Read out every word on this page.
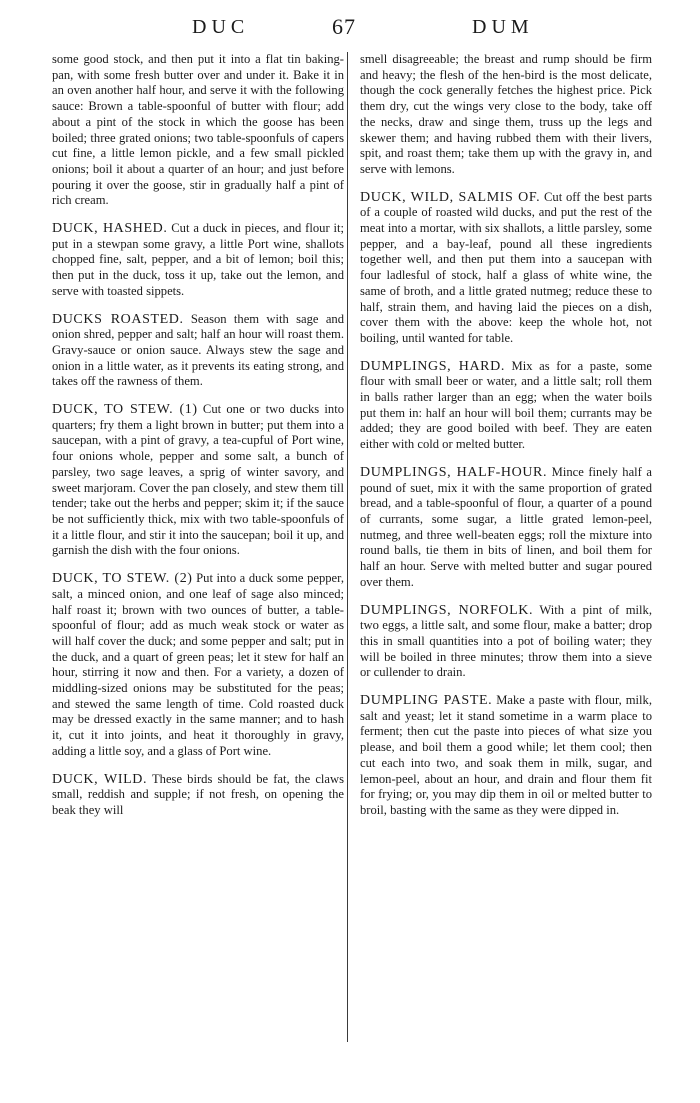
DUC	67	DUM

some good stock, and then put it into a flat tin baking-pan, with some fresh butter over and under it. Bake it in an oven another half hour, and serve it with the following sauce: Brown a table-spoonful of butter with flour; add about a pint of the stock in which the goose has been boiled; three grated onions; two table-spoonfuls of capers cut fine, a little lemon pickle, and a few small pickled onions; boil it about a quarter of an hour; and just before pouring it over the goose, stir in gradually half a pint of rich cream.

DUCK, HASHED. Cut a duck in pieces, and flour it; put in a stewpan some gravy, a little Port wine, shallots chopped fine, salt, pepper, and a bit of lemon; boil this; then put in the duck, toss it up, take out the lemon, and serve with toasted sippets.

DUCKS ROASTED. Season them with sage and onion shred, pepper and salt; half an hour will roast them. Gravy-sauce or onion sauce. Always stew the sage and onion in a little water, as it prevents its eating strong, and takes off the rawness of them.

DUCK, TO STEW. (1) Cut one or two ducks into quarters; fry them a light brown in butter; put them into a saucepan, with a pint of gravy, a tea-cupful of Port wine, four onions whole, pepper and some salt, a bunch of parsley, two sage leaves, a sprig of winter savory, and sweet marjoram. Cover the pan closely, and stew them till tender; take out the herbs and pepper; skim it; if the sauce be not sufficiently thick, mix with two table-spoonfuls of it a little flour, and stir it into the saucepan; boil it up, and garnish the dish with the four onions.

DUCK, TO STEW. (2) Put into a duck some pepper, salt, a minced onion, and one leaf of sage also minced; half roast it; brown with two ounces of butter, a table-spoonful of flour; add as much weak stock or water as will half cover the duck; and some pepper and salt; put in the duck, and a quart of green peas; let it stew for half an hour, stirring it now and then. For a variety, a dozen of middling-sized onions may be substituted for the peas; and stewed the same length of time. Cold roasted duck may be dressed exactly in the same manner; and to hash it, cut it into joints, and heat it thoroughly in gravy, adding a little soy, and a glass of Port wine.

DUCK, WILD. These birds should be fat, the claws small, reddish and supple; if not fresh, on opening the beak they will

smell disagreeable; the breast and rump should be firm and heavy; the flesh of the hen-bird is the most delicate, though the cock generally fetches the highest price. Pick them dry, cut the wings very close to the body, take off the necks, draw and singe them, truss up the legs and skewer them; and having rubbed them with their livers, spit, and roast them; take them up with the gravy in, and serve with lemons.

DUCK, WILD, SALMIS OF. Cut off the best parts of a couple of roasted wild ducks, and put the rest of the meat into a mortar, with six shallots, a little parsley, some pepper, and a bay-leaf, pound all these ingredients together well, and then put them into a saucepan with four ladlesful of stock, half a glass of white wine, the same of broth, and a little grated nutmeg; reduce these to half, strain them, and having laid the pieces on a dish, cover them with the above: keep the whole hot, not boiling, until wanted for table.

DUMPLINGS, HARD. Mix as for a paste, some flour with small beer or water, and a little salt; roll them in balls rather larger than an egg; when the water boils put them in: half an hour will boil them; currants may be added; they are good boiled with beef. They are eaten either with cold or melted butter.

DUMPLINGS, HALF-HOUR. Mince finely half a pound of suet, mix it with the same proportion of grated bread, and a table-spoonful of flour, a quarter of a pound of currants, some sugar, a little grated lemon-peel, nutmeg, and three well-beaten eggs; roll the mixture into round balls, tie them in bits of linen, and boil them for half an hour. Serve with melted butter and sugar poured over them.

DUMPLINGS, NORFOLK. With a pint of milk, two eggs, a little salt, and some flour, make a batter; drop this in small quantities into a pot of boiling water; they will be boiled in three minutes; throw them into a sieve or cullender to drain.

DUMPLING PASTE. Make a paste with flour, milk, salt and yeast; let it stand sometime in a warm place to ferment; then cut the paste into pieces of what size you please, and boil them a good while; let them cool; then cut each into two, and soak them in milk, sugar, and lemon-peel, about an hour, and drain and flour them fit for frying; or, you may dip them in oil or melted butter to broil, basting with the same as they were dipped in.
